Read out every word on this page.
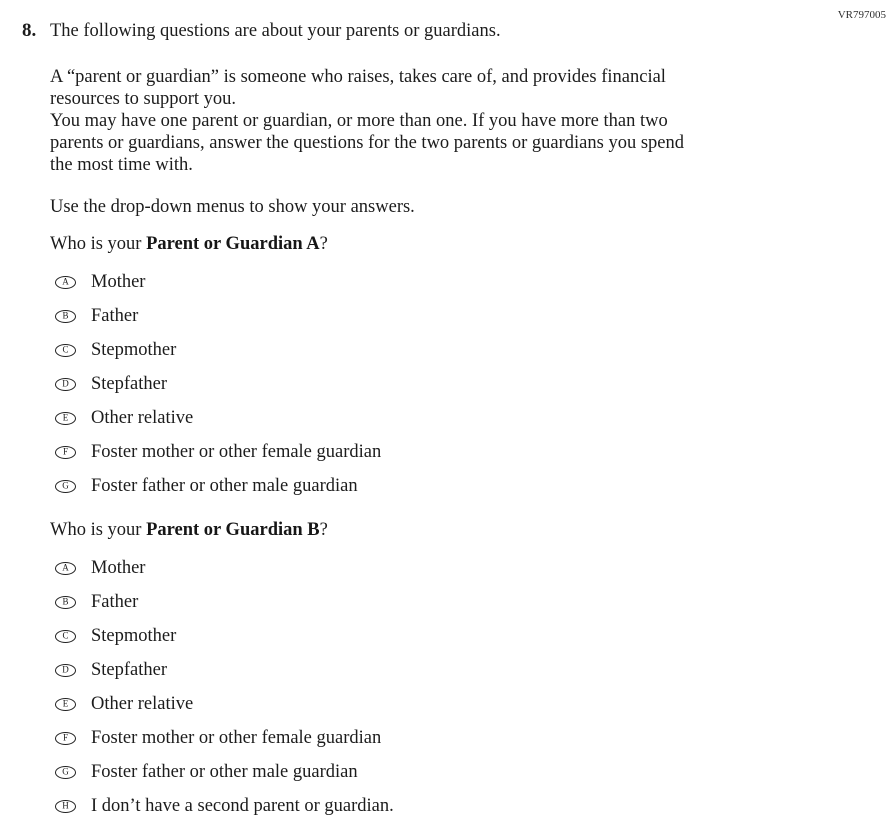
VR797005
8. The following questions are about your parents or guardians.

A “parent or guardian” is someone who raises, takes care of, and provides financial
resources to support you.
You may have one parent or guardian, or more than one. If you have more than two
parents or guardians, answer the questions for the two parents or guardians you spend
the most time with.

Use the drop-down menus to show your answers.

Who is your Parent or Guardian A?

A Mother
B Father
C Stepmother
D Stepfather
E Other relative
F Foster mother or other female guardian
G Foster father or other male guardian

Who is your Parent or Guardian B?

A Mother
B Father
C Stepmother
D Stepfather
E Other relative
F Foster mother or other female guardian
G Foster father or other male guardian
H I don’t have a second parent or guardian.
